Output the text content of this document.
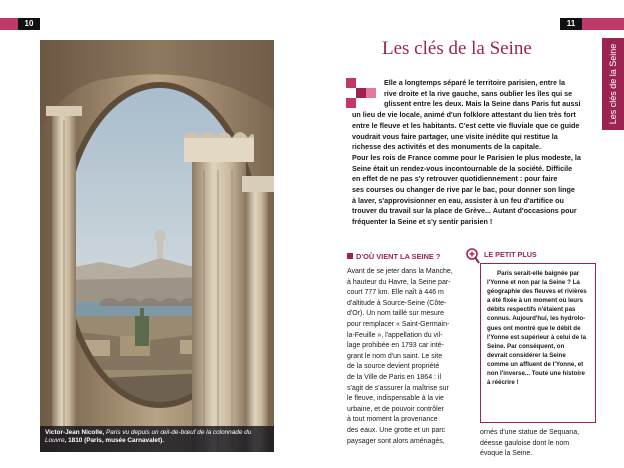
10
Victor-Jean Nicolle, Paris vu depuis un œil-de-bœuf de la colonnade du Louvre, 1810 (Paris, musée Carnavalet).
11
Les clés de la Seine
Les clés de la Seine
Elle a longtemps séparé le territoire parisien, entre la
rive droite et la rive gauche, sans oublier les îles qui se
glissent entre les deux. Mais la Seine dans Paris fut aussi
un lieu de vie locale, animé d'un folklore attestant du lien très fort
entre le fleuve et les habitants. C'est cette vie fluviale que ce guide
voudrait vous faire partager, une visite inédite qui restitue la
richesse des activités et des monuments de la capitale.
Pour les rois de France comme pour le Parisien le plus modeste, la
Seine était un rendez-vous incontournable de la société. Difficile
en effet de ne pas s'y retrouver quotidiennement : pour faire
ses courses ou changer de rive par le bac, pour donner son linge
à laver, s'approvisionner en eau, assister à un feu d'artifice ou
trouver du travail sur la place de Grève... Autant d'occasions pour
fréquenter la Seine et s'y sentir parisien !
D'OÙ VIENT LA SEINE ?
Avant de se jeter dans la Manche,
à hauteur du Havre, la Seine par-
court 777 km. Elle naît à 446 m
d'altitude à Source-Seine (Côte-
d'Or). Un nom taillé sur mesure
pour remplacer « Saint-Germain-
la-Feuille », l'appellation du vil-
lage prohibée en 1793 car inté-
grant le nom d'un saint. Le site
de la source devient propriété
de la Ville de Paris en 1864 : il
s'agit de s'assurer la maîtrise sur
le fleuve, indispensable à la vie
urbaine, et de pouvoir contrôler
à tout moment la provenance
des eaux. Une grotte et un parc
paysager sont alors aménagés,
LE PETIT PLUS
Paris serait-elle baignée par
l'Yonne et non par la Seine ? La
géographie des fleuves et rivières
a été fixée à un moment où leurs
débits respectifs n'étaient pas
connus. Aujourd'hui, les hydrolo-
gues ont montré que le débit de
l'Yonne est supérieur à celui de la
Seine. Par conséquent, on
devrait considérer la Seine
comme un affluent de l'Yonne, et
non l'inverse... Toute une histoire
à réécrire !
ornés d'une statue de Sequana,
déesse gauloise dont le nom
évoque la Seine.
